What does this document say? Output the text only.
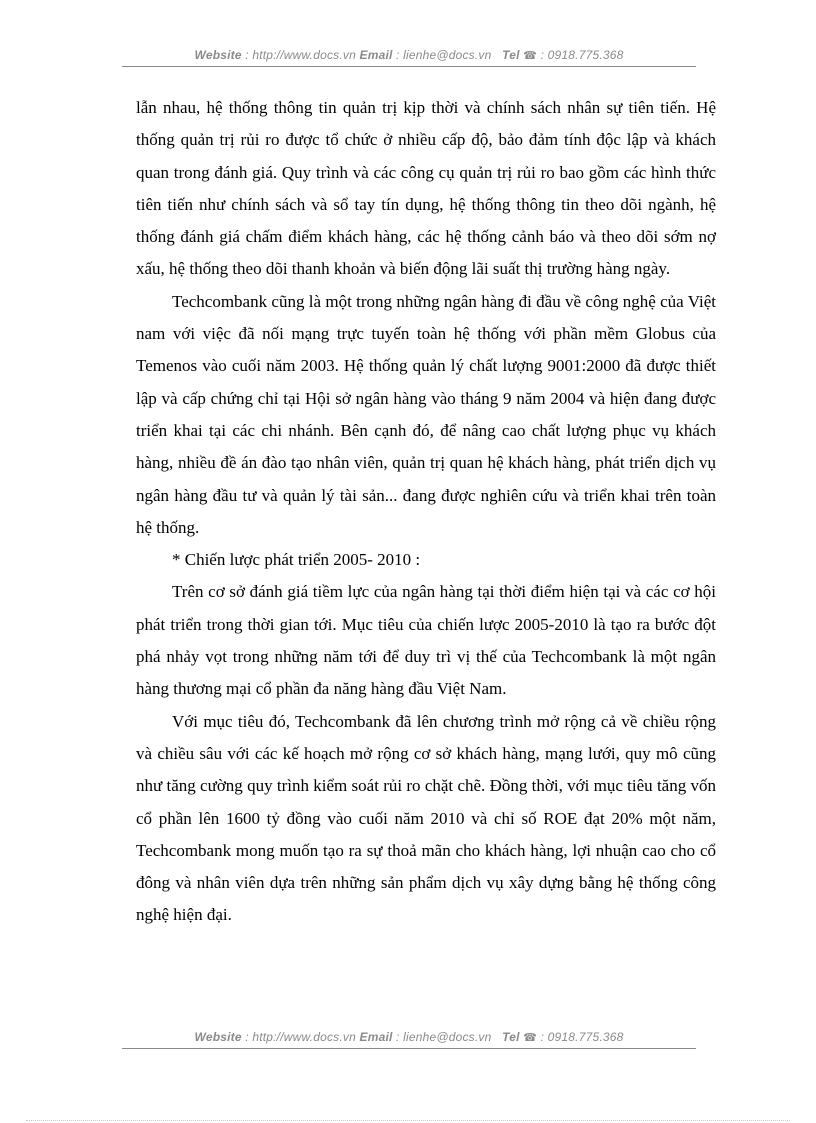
Website : http://www.docs.vn Email : lienhe@docs.vn   Tel ☎ : 0918.775.368

lẫn nhau, hệ thống thông tin quản trị kịp thời và chính sách nhân sự tiên tiến. Hệ thống quản trị rủi ro được tổ chức ở nhiều cấp độ, bảo đảm tính độc lập và khách quan trong đánh giá. Quy trình và các công cụ quản trị rủi ro bao gồm các hình thức tiên tiến như chính sách và sổ tay tín dụng, hệ thống thông tin theo dõi ngành, hệ thống đánh giá chấm điểm khách hàng, các hệ thống cảnh báo và theo dõi sớm nợ xấu, hệ thống theo dõi thanh khoản và biến động lãi suất thị trường hàng ngày.

Techcombank cũng là một trong những ngân hàng đi đầu về công nghệ của Việt nam với việc đã nối mạng trực tuyến toàn hệ thống với phần mềm Globus của Temenos vào cuối năm 2003. Hệ thống quản lý chất lượng 9001:2000 đã được thiết lập và cấp chứng chỉ tại Hội sở ngân hàng vào tháng 9 năm 2004 và hiện đang được triển khai tại các chi nhánh. Bên cạnh đó, để nâng cao chất lượng phục vụ khách hàng, nhiều đề án đào tạo nhân viên, quản trị quan hệ khách hàng, phát triển dịch vụ ngân hàng đầu tư và quản lý tài sản... đang được nghiên cứu và triển khai trên toàn hệ thống.

* Chiến lược phát triển 2005- 2010 :

Trên cơ sở đánh giá tiềm lực của ngân hàng tại thời điểm hiện tại và các cơ hội phát triển trong thời gian tới. Mục tiêu của chiến lược 2005-2010 là tạo ra bước đột phá nhảy vọt trong những năm tới để duy trì vị thế của Techcombank là một ngân hàng thương mại cổ phần đa năng hàng đầu Việt Nam.

Với mục tiêu đó, Techcombank đã lên chương trình mở rộng cả về chiều rộng và chiều sâu với các kế hoạch mở rộng cơ sở khách hàng, mạng lưới, quy mô cũng như tăng cường quy trình kiểm soát rủi ro chặt chẽ. Đồng thời, với mục tiêu tăng vốn cổ phần lên 1600 tỷ đồng vào cuối năm 2010 và chỉ số ROE đạt 20% một năm, Techcombank mong muốn tạo ra sự thoả mãn cho khách hàng, lợi nhuận cao cho cổ đông và nhân viên dựa trên những sản phẩm dịch vụ xây dựng bằng hệ thống công nghệ hiện đại.

Website : http://www.docs.vn Email : lienhe@docs.vn   Tel ☎ : 0918.775.368
